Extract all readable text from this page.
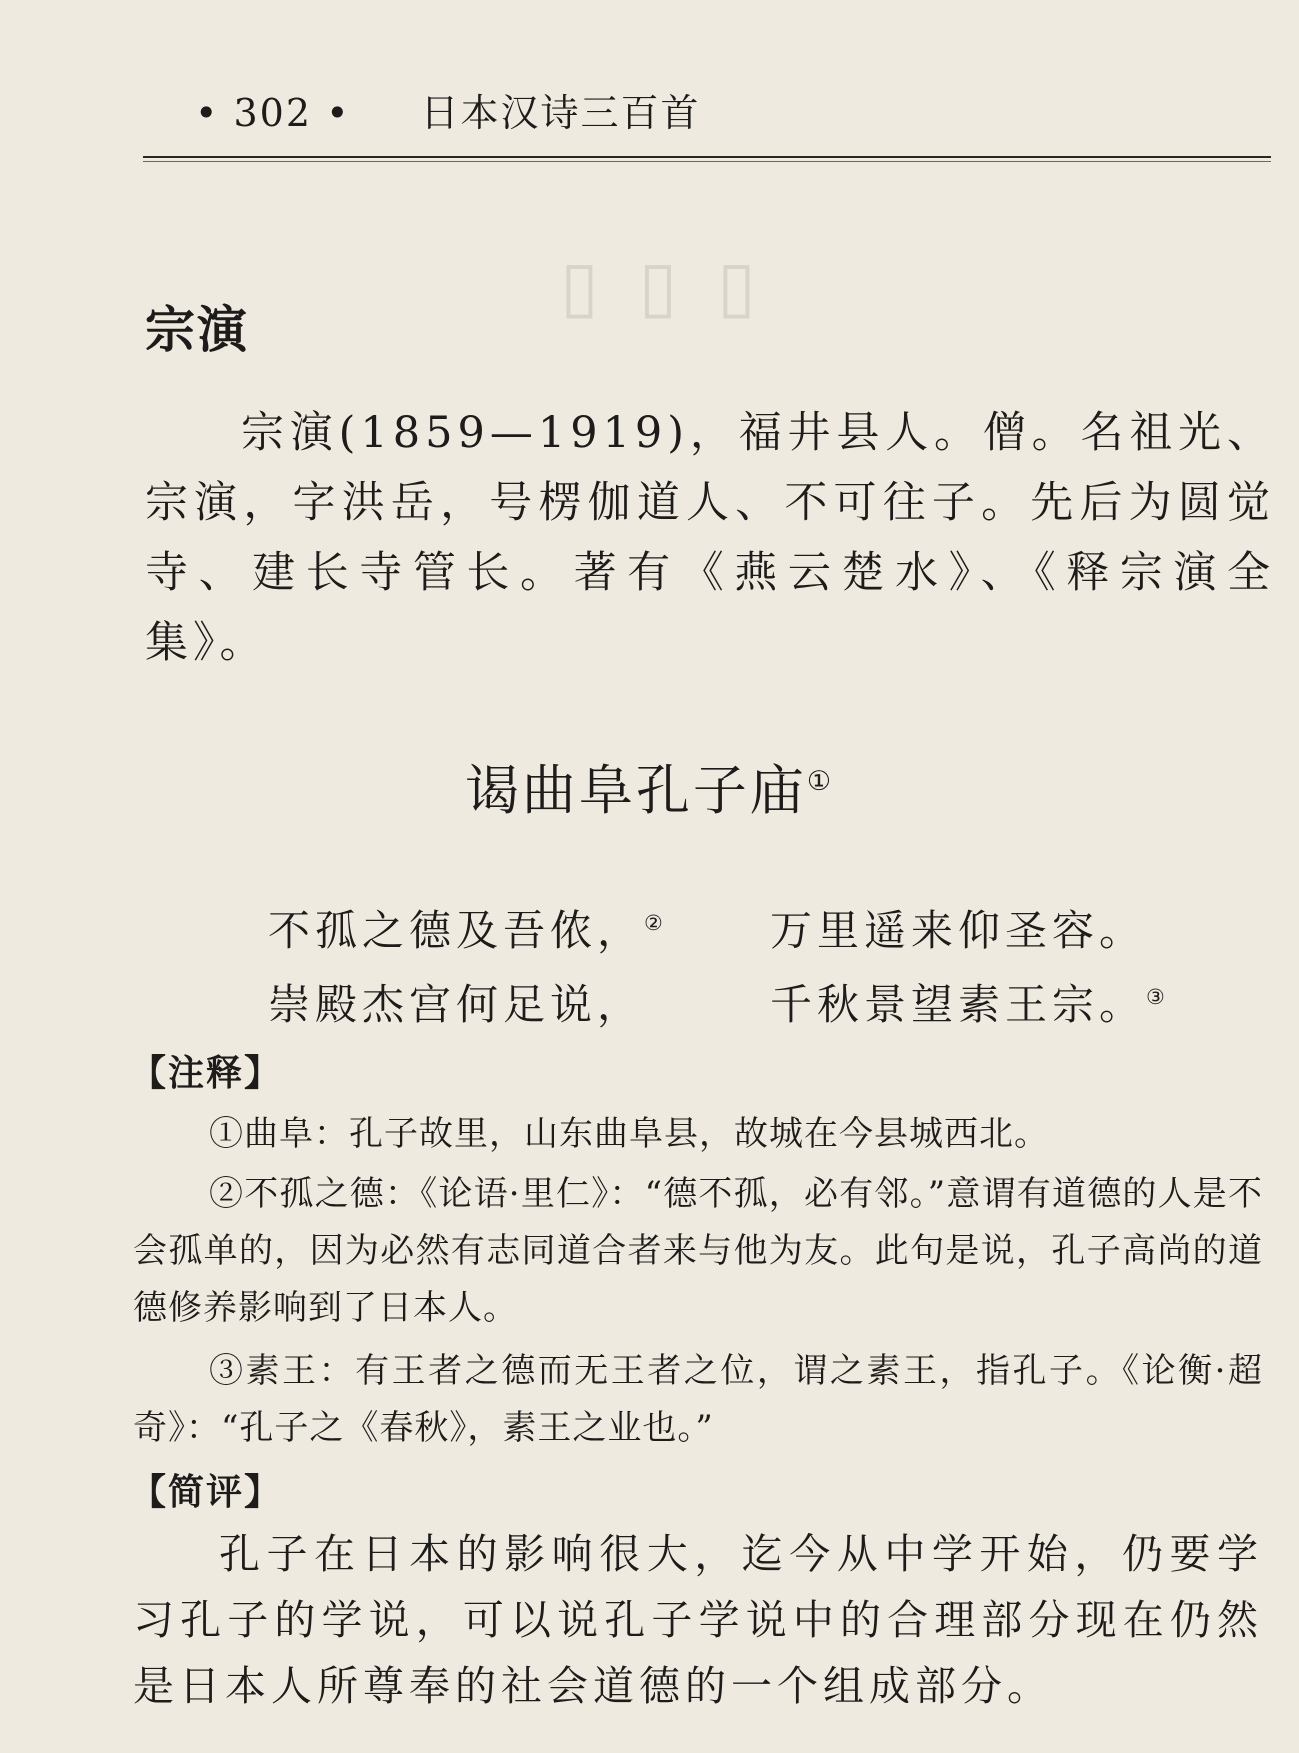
▯▯▯
• 302 • 日本汉诗三百首
宗演

宗演(1859—1919)，福井县人。僧。名祖光、宗演，字洪岳，号楞伽道人、不可往子。先后为圆觉寺、建长寺管长。著有《燕云楚水》、《释宗演全集》。

谒曲阜孔子庙①
不孤之德及吾侬，② 万里遥来仰圣容。
崇殿杰宫何足说，	千秋景望素王宗。③
【注释】

①曲阜：孔子故里，山东曲阜县，故城在今县城西北。

②不孤之德：《论语·里仁》：“德不孤，必有邻。”意谓有道德的人是不会孤单的，因为必然有志同道合者来与他为友。此句是说，孔子高尚的道德修养影响到了日本人。

③素王：有王者之德而无王者之位，谓之素王，指孔子。《论衡·超奇》：“孔子之《春秋》，素王之业也。”

【简评】

孔子在日本的影响很大，迄今从中学开始，仍要学习孔子的学说，可以说孔子学说中的合理部分现在仍然是日本人所尊奉的社会道德的一个组成部分。
